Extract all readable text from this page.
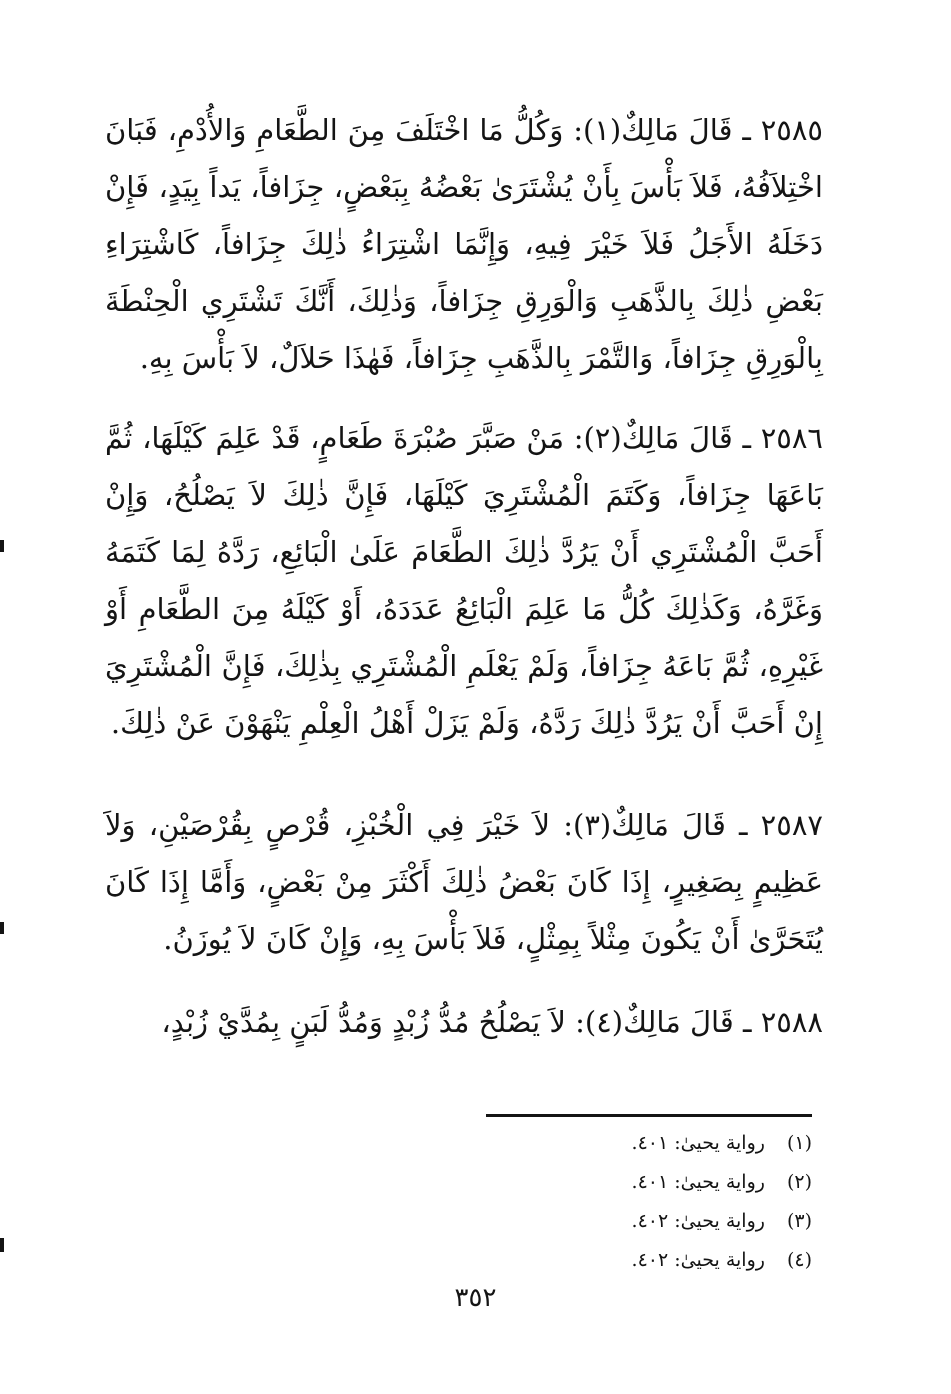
٢٥٨٥ ـ قَالَ مَالِكٌ(١): وَكُلُّ مَا اخْتَلَفَ مِنَ الطَّعَامِ وَالأُدْمِ، فَبَانَ اخْتِلاَفُهُ، فَلاَ بَأْسَ بِأَنْ يُشْتَرَىٰ بَعْضُهُ بِبَعْضٍ، جِزَافاً، يَداً بِيَدٍ، فَإِنْ دَخَلَهُ الأَجَلُ فَلاَ خَيْرَ فِيهِ، وَإِنَّمَا اشْتِرَاءُ ذٰلِكَ جِزَافاً، كَاشْتِرَاءِ بَعْضِ ذٰلِكَ بِالذَّهَبِ وَالْوَرِقِ جِزَافاً، وَذٰلِكَ، أَنَّكَ تَشْتَرِي الْحِنْطَةَ بِالْوَرِقِ جِزَافاً، وَالتَّمْرَ بِالذَّهَبِ جِزَافاً، فَهٰذَا حَلاَلٌ، لاَ بَأْسَ بِهِ.

٢٥٨٦ ـ قَالَ مَالِكٌ(٢): مَنْ صَبَّرَ صُبْرَةَ طَعَامٍ، قَدْ عَلِمَ كَيْلَهَا، ثُمَّ بَاعَهَا جِزَافاً، وَكَتَمَ الْمُشْتَرِيَ كَيْلَهَا، فَإِنَّ ذٰلِكَ لاَ يَصْلُحُ، وَإِنْ أَحَبَّ الْمُشْتَرِي أَنْ يَرُدَّ ذٰلِكَ الطَّعَامَ عَلَىٰ الْبَائِعِ، رَدَّهُ لِمَا كَتَمَهُ وَغَرَّهُ، وَكَذٰلِكَ كُلُّ مَا عَلِمَ الْبَائِعُ عَدَدَهُ، أَوْ كَيْلَهُ مِنَ الطَّعَامِ أَوْ غَيْرِهِ، ثُمَّ بَاعَهُ جِزَافاً، وَلَمْ يَعْلَمِ الْمُشْتَرِي بِذٰلِكَ، فَإِنَّ الْمُشْتَرِيَ إِنْ أَحَبَّ أَنْ يَرُدَّ ذٰلِكَ رَدَّهُ، وَلَمْ يَزَلْ أَهْلُ الْعِلْمِ يَنْهَوْنَ عَنْ ذٰلِكَ.

٢٥٨٧ ـ قَالَ مَالِكٌ(٣): لاَ خَيْرَ فِي الْخُبْزِ، قُرْصٍ بِقُرْصَيْنِ، وَلاَ عَظِيمٍ بِصَغِيرٍ، إِذَا كَانَ بَعْضُ ذٰلِكَ أَكْثَرَ مِنْ بَعْضٍ، وَأَمَّا إِذَا كَانَ يُتَحَرَّىٰ أَنْ يَكُونَ مِثْلاً بِمِثْلٍ، فَلاَ بَأْسَ بِهِ، وَإِنْ كَانَ لاَ يُوزَنُ.

٢٥٨٨ ـ قَالَ مَالِكٌ(٤): لاَ يَصْلُحُ مُدُّ زُبْدٍ وَمُدُّ لَبَنٍ بِمُدَّيْ زُبْدٍ،

(١)رواية يحيىٰ: ٤٠١.
(٢)رواية يحيىٰ: ٤٠١.
(٣)رواية يحيىٰ: ٤٠٢.
(٤)رواية يحيىٰ: ٤٠٢.
٣٥٢
